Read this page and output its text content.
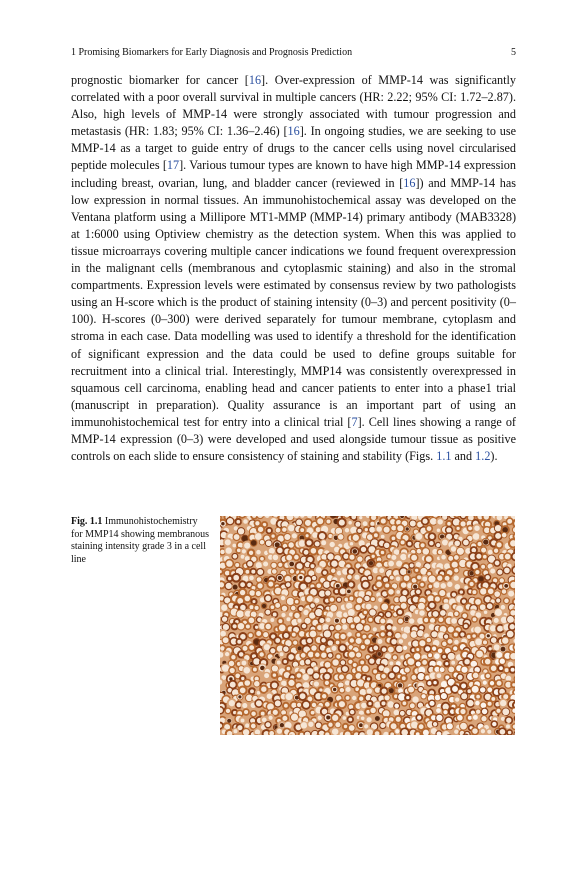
1 Promising Biomarkers for Early Diagnosis and Prognosis Prediction	5

prognostic biomarker for cancer [16]. Over-expression of MMP-14 was significantly correlated with a poor overall survival in multiple cancers (HR: 2.22; 95% CI: 1.72–2.87). Also, high levels of MMP-14 were strongly associated with tumour progression and metastasis (HR: 1.83; 95% CI: 1.36–2.46) [16]. In ongoing studies, we are seeking to use MMP-14 as a target to guide entry of drugs to the cancer cells using novel circularised peptide molecules [17]. Various tumour types are known to have high MMP-14 expression including breast, ovarian, lung, and bladder cancer (reviewed in [16]) and MMP-14 has low expression in normal tissues. An immunohistochemical assay was developed on the Ventana platform using a Millipore MT1-MMP (MMP-14) primary antibody (MAB3328) at 1:6000 using Optiview chemistry as the detection system. When this was applied to tissue microarrays covering multiple cancer indications we found frequent overexpression in the malignant cells (membranous and cytoplasmic staining) and also in the stromal compartments. Expression levels were estimated by consensus review by two pathologists using an H-score which is the product of staining intensity (0–3) and percent positivity (0–100). H-scores (0–300) were derived separately for tumour membrane, cytoplasm and stroma in each case. Data modelling was used to identify a threshold for the identification of significant expression and the data could be used to define groups suitable for recruitment into a clinical trial. Interestingly, MMP14 was consistently overexpressed in squamous cell carcinoma, enabling head and cancer patients to enter into a phase1 trial (manuscript in preparation). Quality assurance is an important part of using an immunohistochemical test for entry into a clinical trial [7]. Cell lines showing a range of MMP-14 expression (0–3) were developed and used alongside tumour tissue as positive controls on each slide to ensure consistency of staining and stability (Figs. 1.1 and 1.2).

Fig. 1.1 Immunohistochemistry for MMP14 showing membranous staining intensity grade 3 in a cell line
